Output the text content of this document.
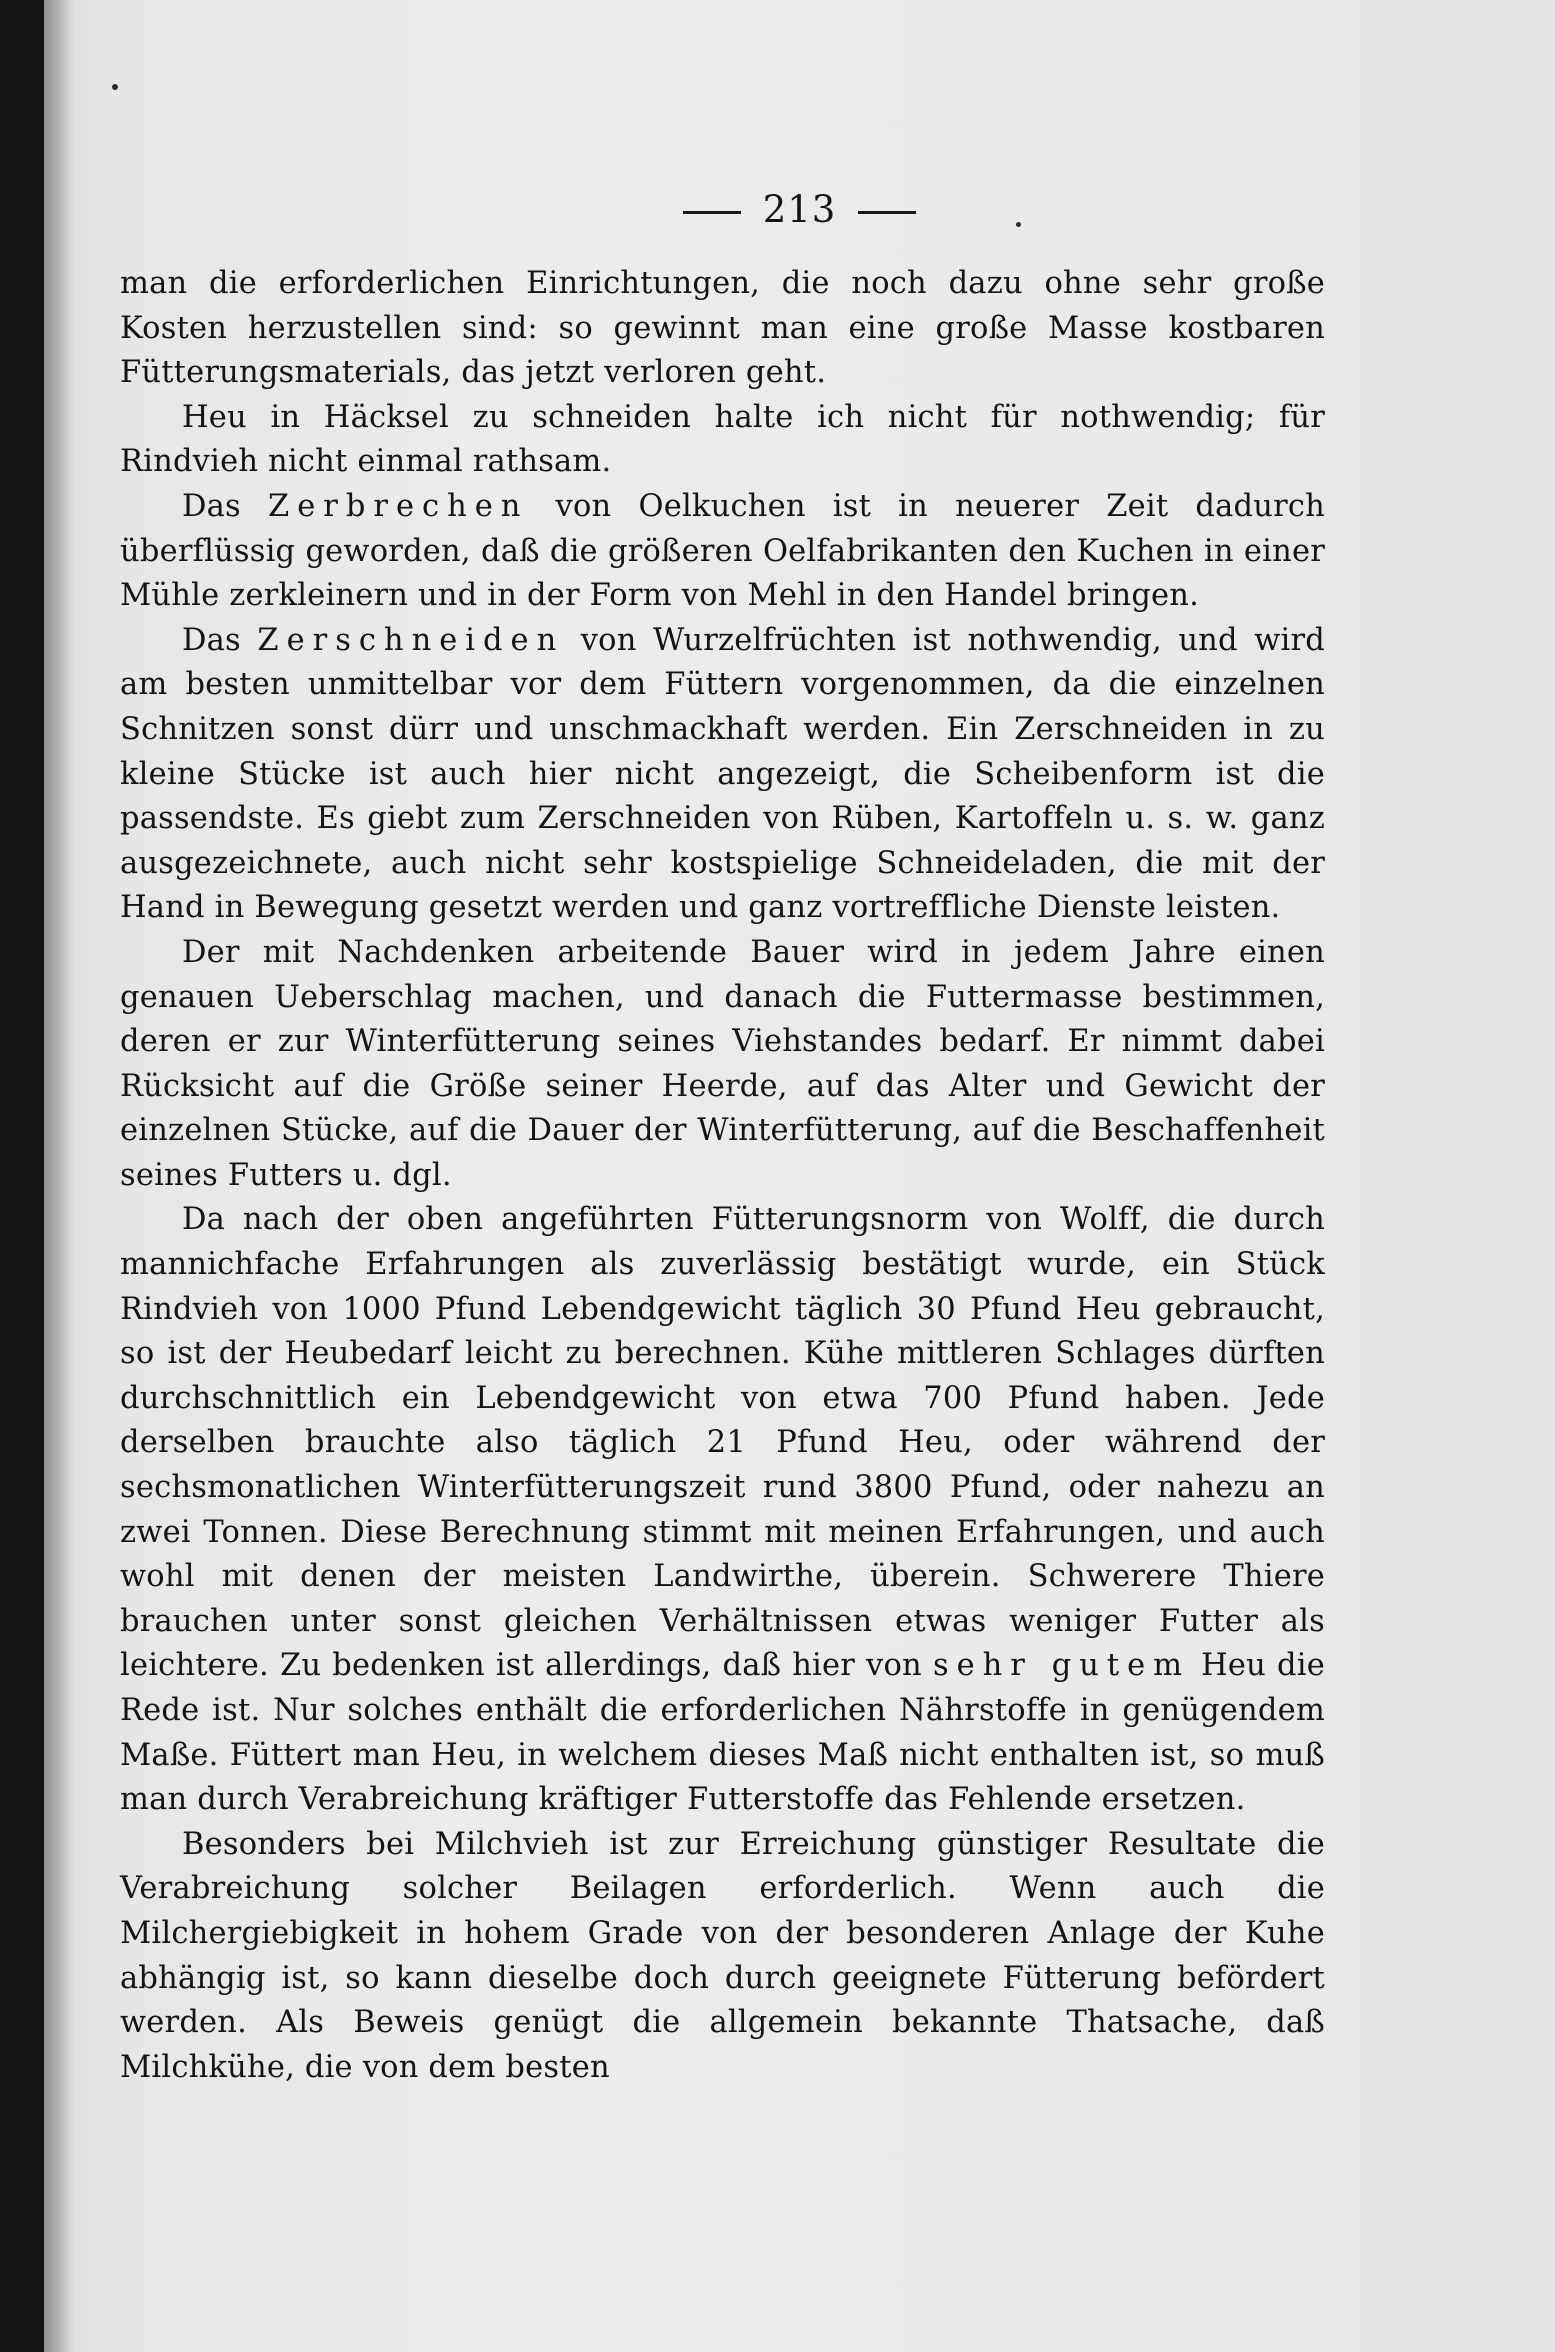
213

man die erforderlichen Einrichtungen, die noch dazu ohne sehr große Kosten herzustellen sind: so gewinnt man eine große Masse kostbaren Fütterungsmaterials, das jetzt verloren geht.

Heu in Häcksel zu schneiden halte ich nicht für nothwendig; für Rindvieh nicht einmal rathsam.

Das Zerbrechen von Oelkuchen ist in neuerer Zeit dadurch überflüssig geworden, daß die größeren Oelfabrikanten den Kuchen in einer Mühle zerkleinern und in der Form von Mehl in den Handel bringen.

Das Zerschneiden von Wurzelfrüchten ist nothwendig, und wird am besten unmittelbar vor dem Füttern vorgenommen, da die einzelnen Schnitzen sonst dürr und unschmackhaft werden. Ein Zerschneiden in zu kleine Stücke ist auch hier nicht angezeigt, die Scheibenform ist die passendste. Es giebt zum Zerschneiden von Rüben, Kartoffeln u. s. w. ganz ausgezeichnete, auch nicht sehr kostspielige Schneideladen, die mit der Hand in Bewegung gesetzt werden und ganz vortreffliche Dienste leisten.

Der mit Nachdenken arbeitende Bauer wird in jedem Jahre einen genauen Ueberschlag machen, und danach die Futtermasse bestimmen, deren er zur Winterfütterung seines Viehstandes bedarf. Er nimmt dabei Rücksicht auf die Größe seiner Heerde, auf das Alter und Gewicht der einzelnen Stücke, auf die Dauer der Winterfütterung, auf die Beschaffenheit seines Futters u. dgl.

Da nach der oben angeführten Fütterungsnorm von Wolff, die durch mannichfache Erfahrungen als zuverlässig bestätigt wurde, ein Stück Rindvieh von 1000 Pfund Lebendgewicht täglich 30 Pfund Heu gebraucht, so ist der Heubedarf leicht zu berechnen. Kühe mittleren Schlages dürften durchschnittlich ein Lebendgewicht von etwa 700 Pfund haben. Jede derselben brauchte also täglich 21 Pfund Heu, oder während der sechsmonatlichen Winterfütterungszeit rund 3800 Pfund, oder nahezu an zwei Tonnen. Diese Berechnung stimmt mit meinen Erfahrungen, und auch wohl mit denen der meisten Landwirthe, überein. Schwerere Thiere brauchen unter sonst gleichen Verhältnissen etwas weniger Futter als leichtere. Zu bedenken ist allerdings, daß hier von sehr gutem Heu die Rede ist. Nur solches enthält die erforderlichen Nährstoffe in genügendem Maße. Füttert man Heu, in welchem dieses Maß nicht enthalten ist, so muß man durch Verabreichung kräftiger Futterstoffe das Fehlende ersetzen.

Besonders bei Milchvieh ist zur Erreichung günstiger Resultate die Verabreichung solcher Beilagen erforderlich. Wenn auch die Milchergiebigkeit in hohem Grade von der besonderen Anlage der Kuhe abhängig ist, so kann dieselbe doch durch geeignete Fütterung befördert werden. Als Beweis genügt die allgemein bekannte Thatsache, daß Milchkühe, die von dem besten
